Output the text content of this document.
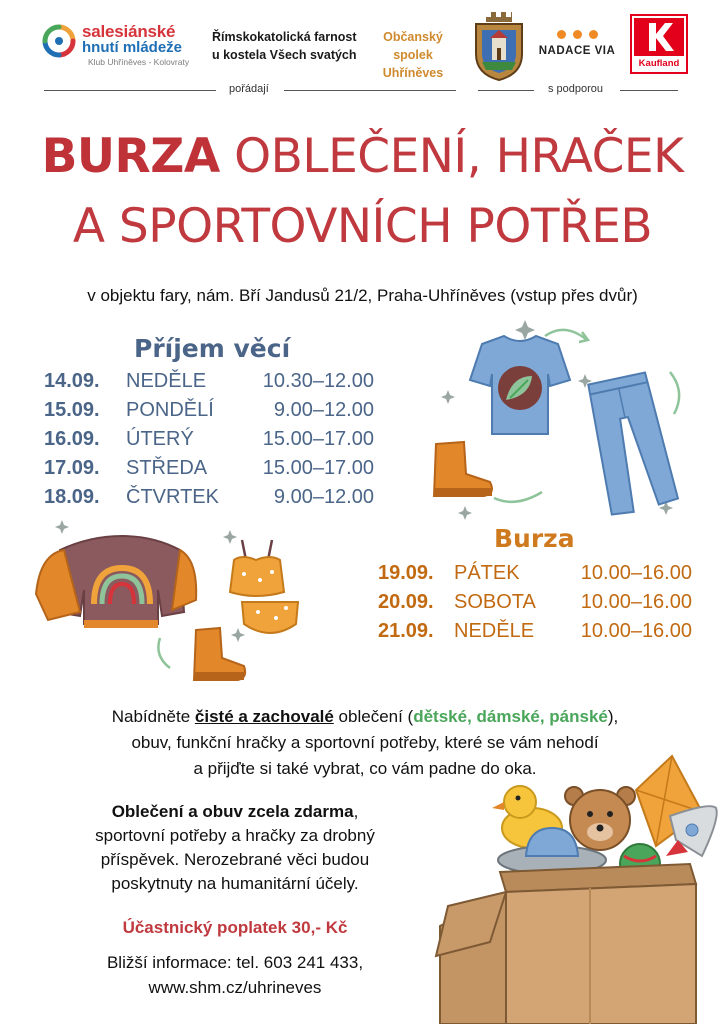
salesiánské
hnutí mládeže
Klub Uhříněves - Kolovraty
Římskokatolická farnost
u kostela Všech svatých
Občanský spolek
Uhříněves
NADACE VIA
Kaufland
pořádají	s podporou
BURZA OBLEČENÍ, HRAČEK
A SPORTOVNÍCH POTŘEB
v objektu fary, nám. Bří Jandusů 21/2, Praha-Uhříněves (vstup přes dvůr)
Příjem věcí
14.09. NEDĚLE	10.30–12.00
15.09. PONDĚLÍ	9.00–12.00
16.09. ÚTERÝ	15.00–17.00
17.09. STŘEDA	15.00–17.00
18.09. ČTVRTEK	9.00–12.00
Burza
19.09. PÁTEK	10.00–16.00
20.09. SOBOTA 10.00–16.00
21.09. NEDĚLE 10.00–16.00
Nabídněte čisté a zachovalé oblečení (dětské, dámské, pánské),
obuv, funkční hračky a sportovní potřeby, které se vám nehodí
a přijďte si také vybrat, co vám padne do oka.
Oblečení a obuv zcela zdarma,
sportovní potřeby a hračky za drobný
příspěvek. Nerozebrané věci budou
poskytnuty na humanitární účely.
Účastnický poplatek 30,- Kč
Bližší informace: tel. 603 241 433,
www.shm.cz/uhrineves
